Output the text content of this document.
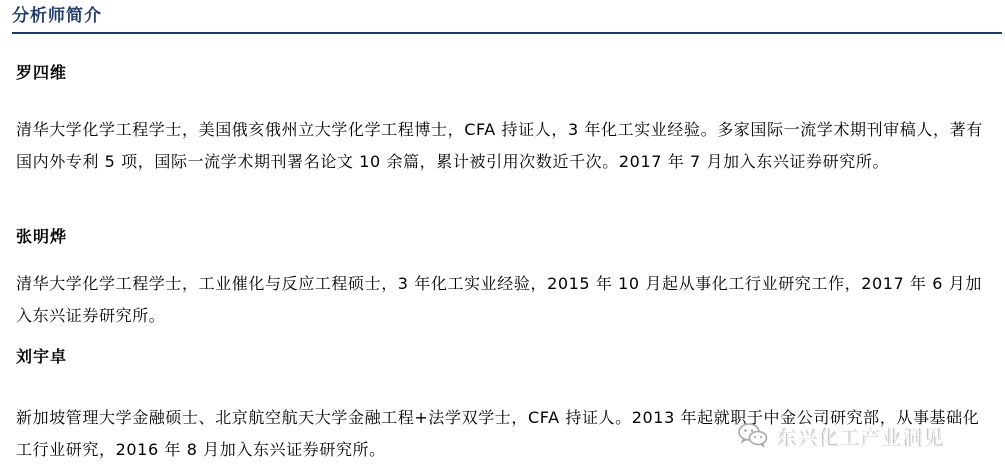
分析师简介
罗四维
清华大学化学工程学士，美国俄亥俄州立大学化学工程博士，CFA 持证人，3 年化工实业经验。多家国际一流学术期刊审稿人，著有国内外专利 5 项，国际一流学术期刊署名论文 10 余篇，累计被引用次数近千次。2017 年 7 月加入东兴证券研究所。
张明烨
清华大学化学工程学士，工业催化与反应工程硕士，3 年化工实业经验，2015 年 10 月起从事化工行业研究工作，2017 年 6 月加入东兴证券研究所。
刘宇卓
新加坡管理大学金融硕士、北京航空航天大学金融工程+法学双学士，CFA 持证人。2013 年起就职于中金公司研究部，从事基础化工行业研究，2016 年 8 月加入东兴证券研究所。
东兴化工产业洞见
